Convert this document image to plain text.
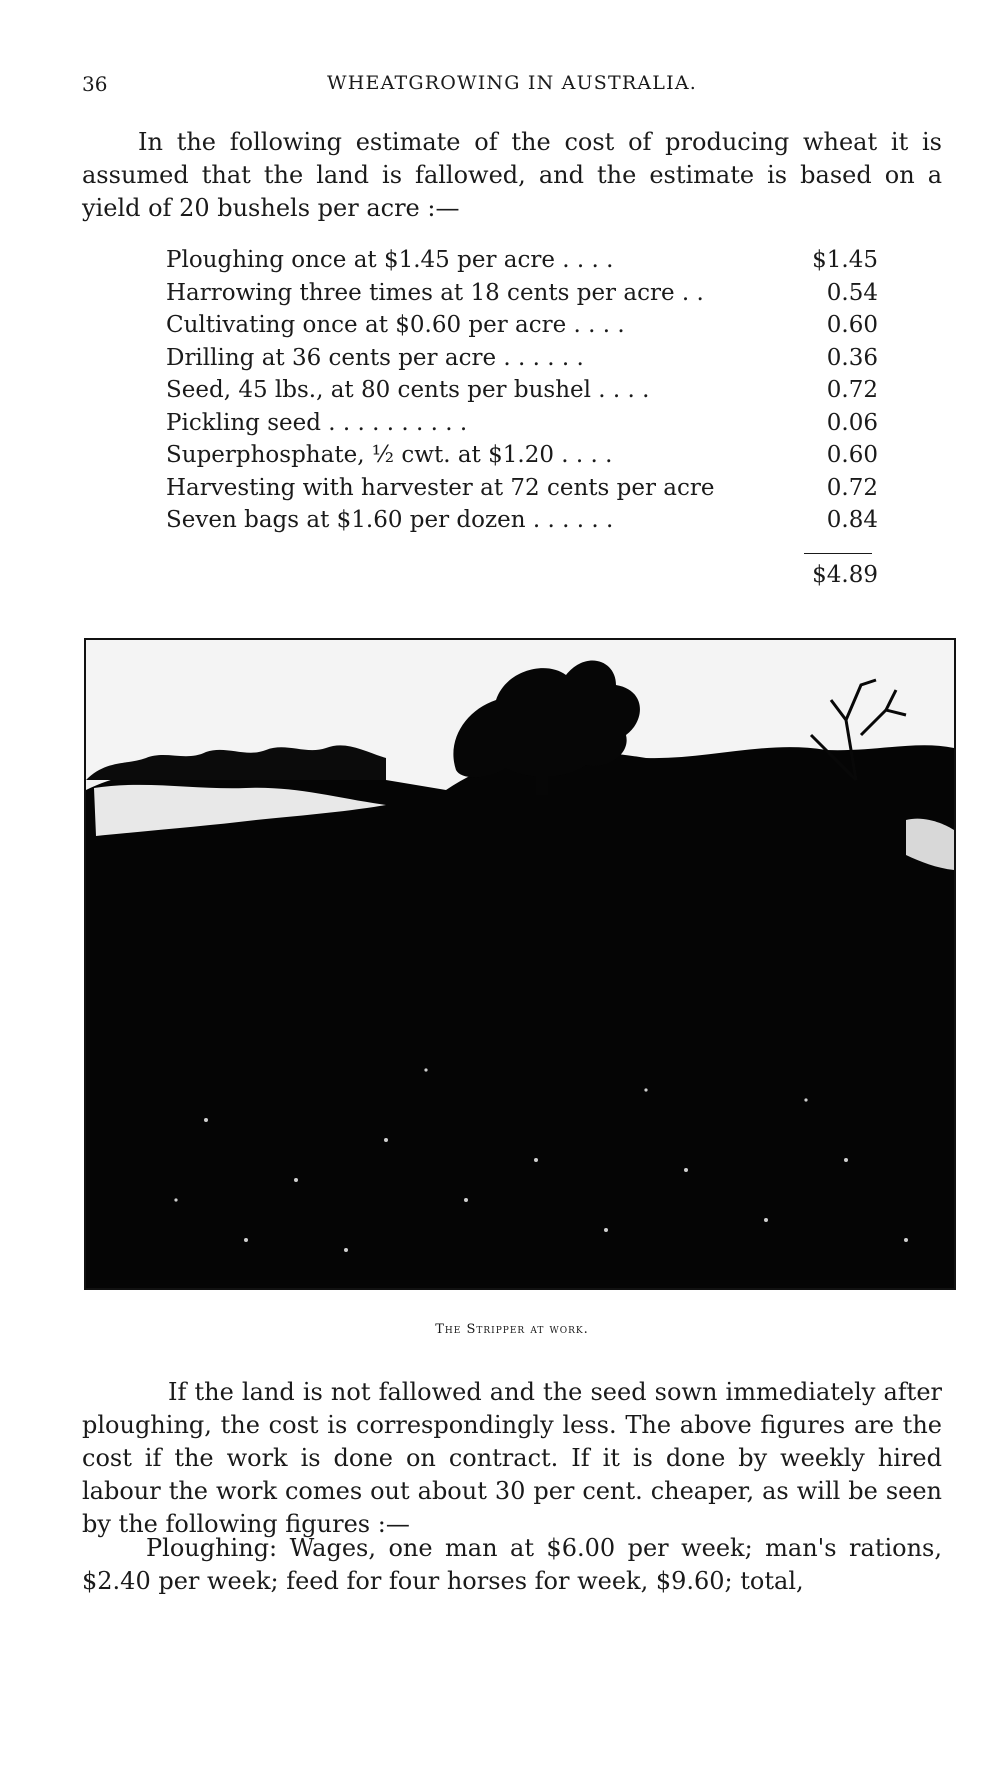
36	WHEATGROWING IN AUSTRALIA.

In the following estimate of the cost of producing wheat it is assumed that the land is fallowed, and the estimate is based on a yield of 20 bushels per acre :—

Ploughing once at $1.45 per acre . . . .	$1.45
Harrowing three times at 18 cents per acre . .	0.54
Cultivating once at $0.60 per acre . . . .	0.60
Drilling at 36 cents per acre . . . . . .	0.36
Seed, 45 lbs., at 80 cents per bushel . . . .	0.72
Pickling seed . . . . . . . . . .	0.06
Superphosphate, ½ cwt. at $1.20 . . . .	0.60
Harvesting with harvester at 72 cents per acre	0.72
Seven bags at $1.60 per dozen . . . . . .	0.84
$4.89
The Stripper at work.

If the land is not fallowed and the seed sown immediately after ploughing, the cost is correspondingly less. The above figures are the cost if the work is done on contract. If it is done by weekly hired labour the work comes out about 30 per cent. cheaper, as will be seen by the following figures :—

Ploughing: Wages, one man at $6.00 per week; man's rations, $2.40 per week; feed for four horses for week, $9.60; total,
